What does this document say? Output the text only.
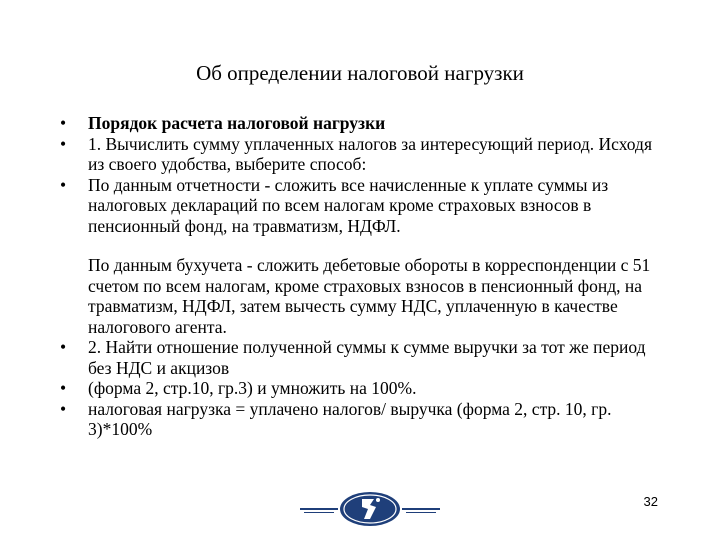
Об определении налоговой нагрузки
•	Порядок расчета налоговой нагрузки
•	1. Вычислить сумму уплаченных налогов за интересующий период. Исходя из своего удобства, выберите способ:
•	По данным отчетности - сложить все начисленные к уплате суммы из налоговых деклараций по всем налогам кроме страховых взносов в пенсионный фонд, на травматизм, НДФЛ.
По данным бухучета - сложить дебетовые обороты в корреспонденции с 51 счетом по всем налогам, кроме страховых взносов в пенсионный фонд, на травматизм, НДФЛ, затем вычесть сумму НДС, уплаченную в качестве налогового агента.
•	2. Найти отношение полученной суммы к сумме выручки за тот же период без НДС и акцизов
•	(форма 2, стр.10, гр.3) и умножить на 100%.
•	налоговая нагрузка = уплачено налогов/ выручка (форма 2, стр. 10, гр. 3)*100%
32
